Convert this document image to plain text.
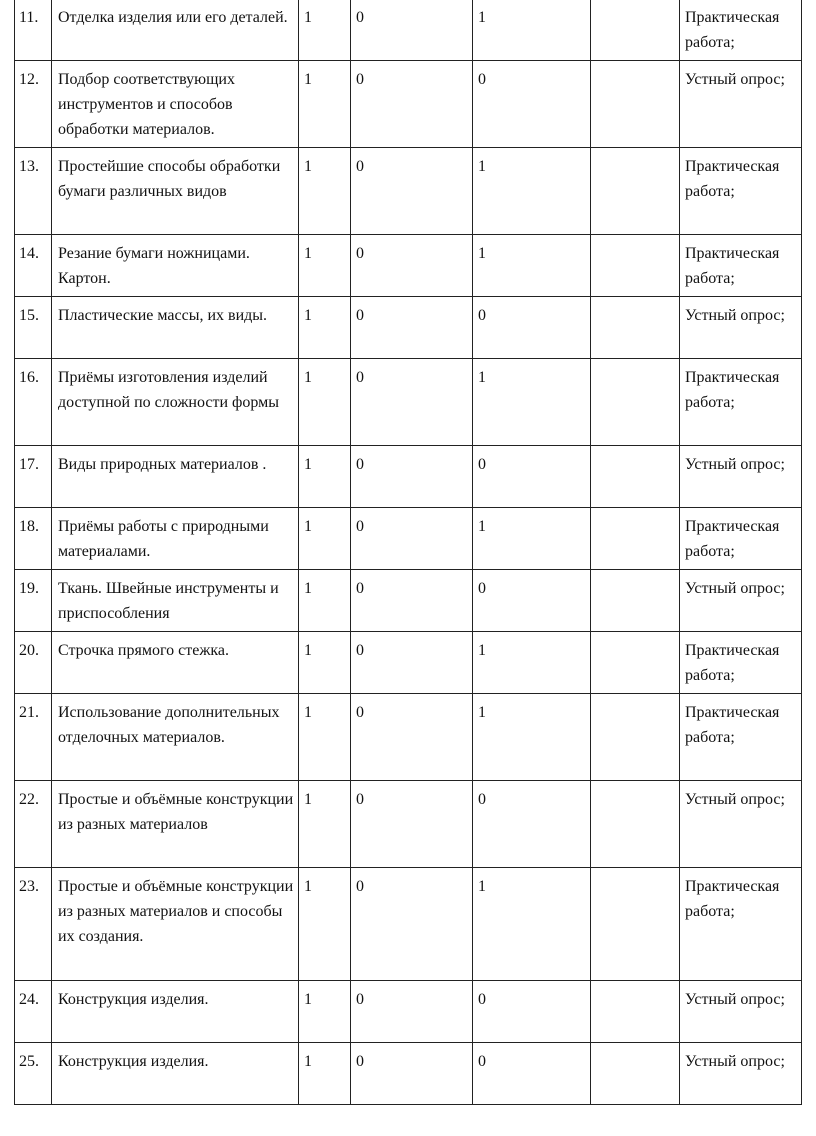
11.	Отделка изделия или его деталей.	1	0	1		Практическая работа;
12.	Подбор соответствующих инструментов и способов обработки материалов.	1	0	0		Устный опрос;
13.	Простейшие способы обработки бумаги различных видов	1	0	1		Практическая работа;
14.	Резание бумаги ножницами. Картон.	1	0	1		Практическая работа;
15.	Пластические массы, их виды.	1	0	0		Устный опрос;
16.	Приёмы изготовления изделий доступной по сложности формы	1	0	1		Практическая работа;
17.	Виды природных материалов .	1	0	0		Устный опрос;
18.	Приёмы работы с природными материалами.	1	0	1		Практическая работа;
19.	Ткань. Швейные инструменты и приспособления	1	0	0		Устный опрос;
20.	Строчка прямого стежка.	1	0	1		Практическая работа;
21.	Использование дополнительных отделочных материалов.	1	0	1		Практическая работа;
22.	Простые и объёмные конструкции из разных материалов	1	0	0		Устный опрос;
23.	Простые и объёмные конструкции из разных материалов и способы их создания.	1	0	1		Практическая работа;
24.	Конструкция изделия.	1	0	0		Устный опрос;
25.	Конструкция изделия.	1	0	0		Устный опрос;
